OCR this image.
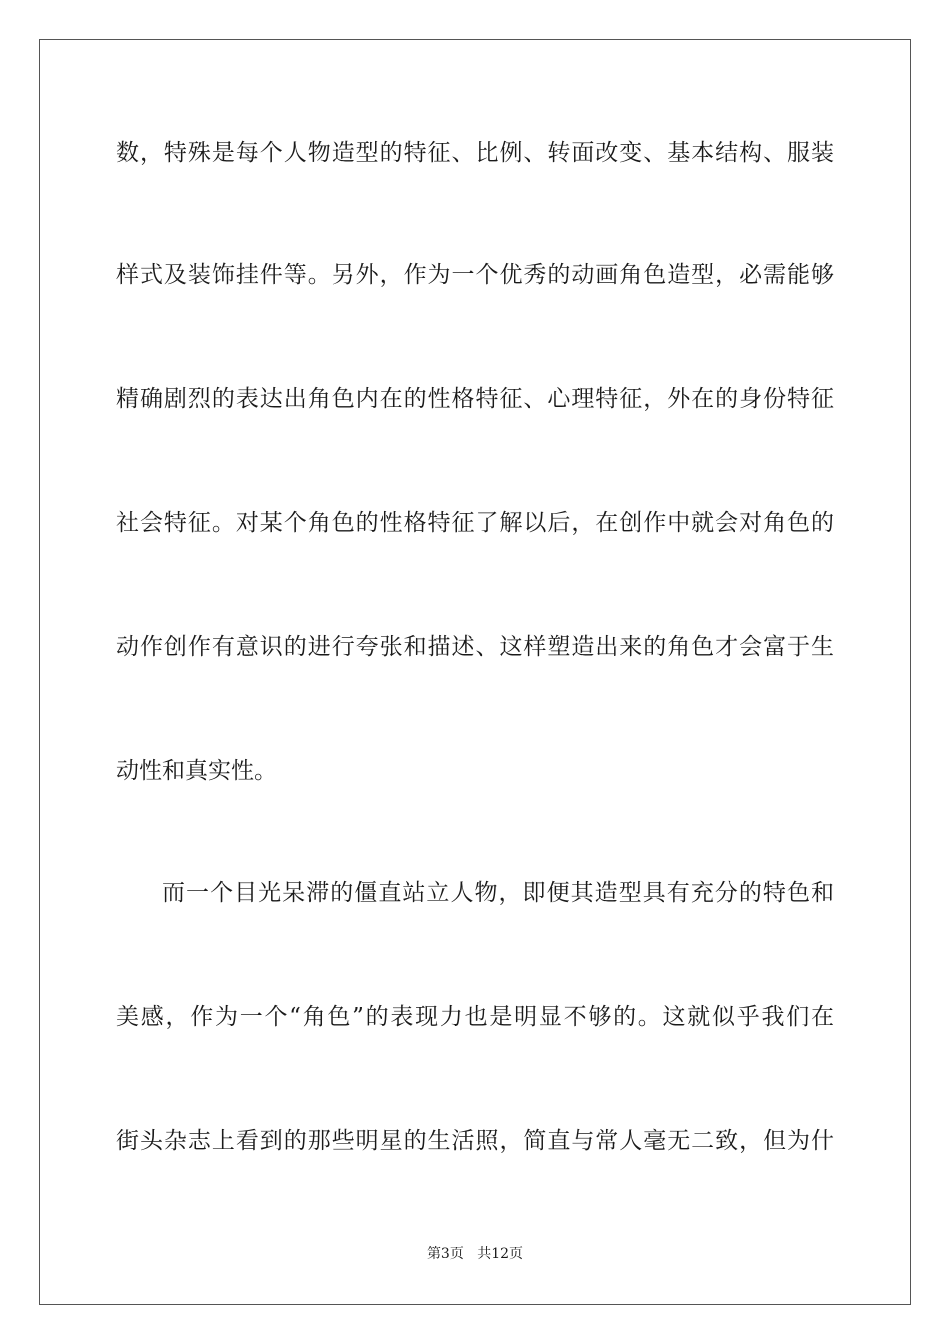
数，特殊是每个人物造型的特征、比例、转面改变、基本结构、服装
样式及装饰挂件等。另外，作为一个优秀的动画角色造型，必需能够
精确剧烈的表达出角色内在的性格特征、心理特征，外在的身份特征
社会特征。对某个角色的性格特征了解以后，在创作中就会对角色的
动作创作有意识的进行夸张和描述、这样塑造出来的角色才会富于生
动性和真实性。
而一个目光呆滞的僵直站立人物，即便其造型具有充分的特色和
美感，作为一个“角色”的表现力也是明显不够的。这就似乎我们在
街头杂志上看到的那些明星的生活照，简直与常人毫无二致，但为什
第3页 共12页
